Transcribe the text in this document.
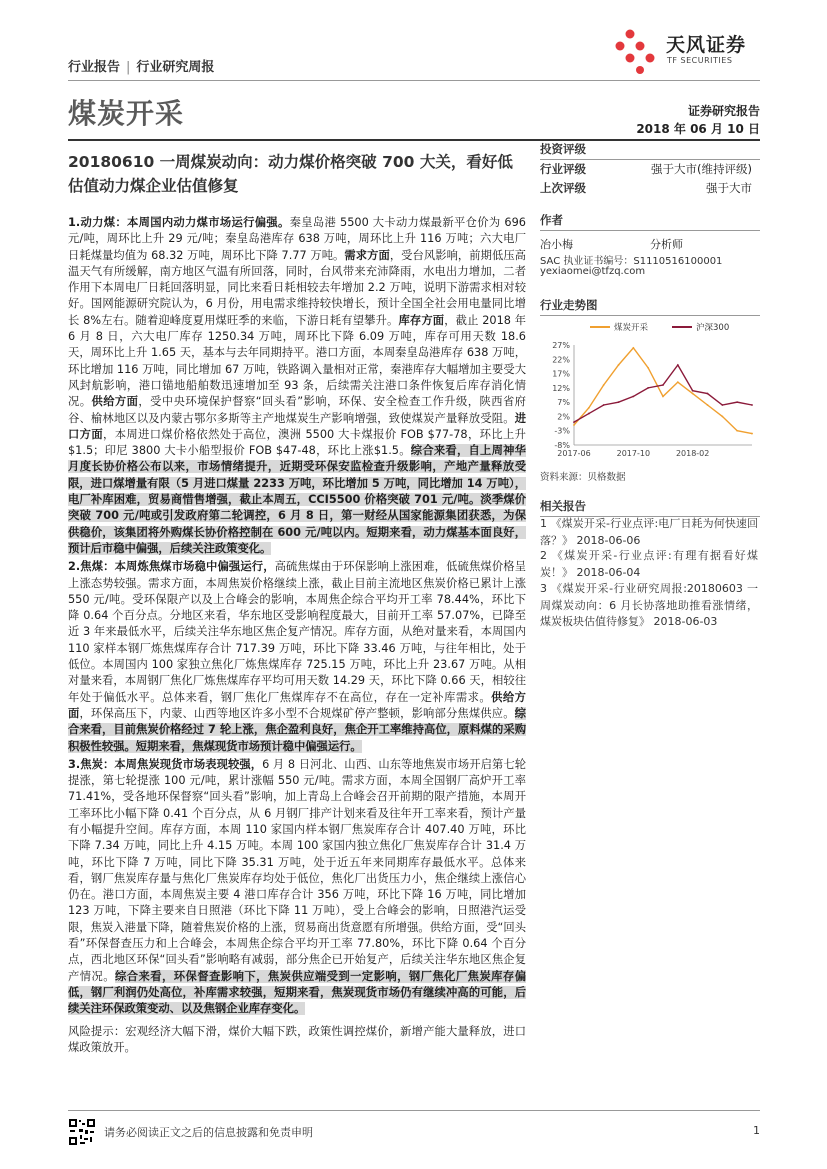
行业报告 | 行业研究周报
天风证券
TF SECURITIES
煤炭开采	证券研究报告
2018 年 06 月 10 日
20180610 一周煤炭动向：动力煤价格突破 700 大关，看好低估值动力煤企业估值修复
投资评级
行业评级	强于大市(维持评级)
上次评级	强于大市
作者
冶小梅	分析师
SAC 执业证书编号：S1110516100001
yexiaomei@tfzq.com
行业走势图
27%
22%
17%
12%
7%
2%
-3%
-8%
2017-06	2017-10	2018-02
煤炭开采	沪深300
资料来源：贝格数据
相关报告
1 《煤炭开采-行业点评:电厂日耗为何快速回落？》 2018-06-06
2 《煤炭开采-行业点评:有理有据看好煤炭！》 2018-06-04
3 《煤炭开采-行业研究周报:20180603 一周煤炭动向：6 月长协落地助推看涨情绪，煤炭板块估值待修复》 2018-06-03

1.动力煤：本周国内动力煤市场运行偏强。秦皇岛港 5500 大卡动力煤最新平仓价为 696 元/吨，周环比上升 29 元/吨；秦皇岛港库存 638 万吨，周环比上升 116 万吨；六大电厂日耗煤量均值为 68.32 万吨，周环比下降 7.77 万吨。需求方面，受台风影响，前期低压高温天气有所缓解，南方地区气温有所回落，同时，台风带来充沛降雨，水电出力增加，二者作用下本周电厂日耗回落明显，同比来看日耗相较去年增加 2.2 万吨，说明下游需求相对较好。国网能源研究院认为，6 月份，用电需求维持较快增长，预计全国全社会用电量同比增长 8%左右。随着迎峰度夏用煤旺季的来临，下游日耗有望攀升。库存方面，截止 2018 年 6 月 8 日，六大电厂库存 1250.34 万吨，周环比下降 6.09 万吨，库存可用天数 18.6 天，周环比上升 1.65 天，基本与去年同期持平。港口方面，本周秦皇岛港库存 638 万吨，环比增加 116 万吨，同比增加 67 万吨，铁路调入量相对正常，秦港库存大幅增加主要受大风封航影响，港口锚地船舶数迅速增加至 93 条，后续需关注港口条件恢复后库存消化情况。供给方面，受中央环境保护督察“回头看”影响，环保、安全检查工作升级，陕西省府谷、榆林地区以及内蒙古鄂尔多斯等主产地煤炭生产影响增强，致使煤炭产量释放受阻。进口方面，本周进口煤价格依然处于高位，澳洲 5500 大卡煤报价 FOB $77-78，环比上升$1.5；印尼 3800 大卡小船型报价 FOB $47-48，环比上涨$1.5。综合来看，自上周神华月度长协价格公布以来，市场情绪提升，近期受环保安监检查升级影响，产地产量释放受限，进口煤增量有限（5 月进口煤量 2233 万吨，环比增加 5 万吨，同比增加 14 万吨），电厂补库困难，贸易商惜售增强，截止本周五，CCI5500 价格突破 701 元/吨。淡季煤价突破 700 元/吨或引发政府第二轮调控，6 月 8 日，第一财经从国家能源集团获悉，为保供稳价，该集团将外购煤长协价格控制在 600 元/吨以内。短期来看，动力煤基本面良好，预计后市稳中偏强，后续关注政策变化。

2.焦煤：本周炼焦煤市场稳中偏强运行，高硫焦煤由于环保影响上涨困难，低硫焦煤价格呈上涨态势较强。需求方面，本周焦炭价格继续上涨，截止目前主流地区焦炭价格已累计上涨 550 元/吨。受环保限产以及上合峰会的影响，本周焦企综合平均开工率 78.44%，环比下降 0.64 个百分点。分地区来看，华东地区受影响程度最大，目前开工率 57.07%，已降至近 3 年来最低水平，后续关注华东地区焦企复产情况。库存方面，从绝对量来看，本周国内 110 家样本钢厂炼焦煤库存合计 717.39 万吨，环比下降 33.46 万吨，与往年相比，处于低位。本周国内 100 家独立焦化厂炼焦煤库存 725.15 万吨，环比上升 23.67 万吨。从相对量来看，本周钢厂焦化厂炼焦煤库存平均可用天数 14.29 天，环比下降 0.66 天，相较往年处于偏低水平。总体来看，钢厂焦化厂焦煤库存不在高位，存在一定补库需求。供给方面，环保高压下，内蒙、山西等地区许多小型不合规煤矿停产整顿，影响部分焦煤供应。综合来看，目前焦炭价格经过 7 轮上涨，焦企盈利良好，焦企开工率维持高位，原料煤的采购积极性较强。短期来看，焦煤现货市场预计稳中偏强运行。

3.焦炭：本周焦炭现货市场表现较强，6 月 8 日河北、山西、山东等地焦炭市场开启第七轮提涨，第七轮提涨 100 元/吨，累计涨幅 550 元/吨。需求方面，本周全国钢厂高炉开工率 71.41%，受各地环保督察“回头看”影响，加上青岛上合峰会召开前期的限产措施，本周开工率环比小幅下降 0.41 个百分点，从 6 月钢厂排产计划来看及往年开工率来看，预计产量有小幅提升空间。库存方面，本周 110 家国内样本钢厂焦炭库存合计 407.40 万吨，环比下降 7.34 万吨，同比上升 4.15 万吨。本周 100 家国内独立焦化厂焦炭库存合计 31.4 万吨，环比下降 7 万吨，同比下降 35.31 万吨，处于近五年来同期库存最低水平。总体来看，钢厂焦炭库存量与焦化厂焦炭库存均处于低位，焦化厂出货压力小，焦企继续上涨信心仍在。港口方面，本周焦炭主要 4 港口库存合计 356 万吨，环比下降 16 万吨，同比增加 123 万吨，下降主要来自日照港（环比下降 11 万吨），受上合峰会的影响，日照港汽运受限，焦炭入港量下降，随着焦炭价格的上涨，贸易商出货意愿有所增强。供给方面，受“回头看”环保督查压力和上合峰会，本周焦企综合平均开工率 77.80%，环比下降 0.64 个百分点，西北地区环保“回头看”影响略有减弱，部分焦企已开始复产，后续关注华东地区焦企复产情况。综合来看，环保督查影响下，焦炭供应端受到一定影响，钢厂焦化厂焦炭库存偏低，钢厂利润仍处高位，补库需求较强，短期来看，焦炭现货市场仍有继续冲高的可能，后续关注环保政策变动、以及焦钢企业库存变化。

风险提示：宏观经济大幅下滑，煤价大幅下跌，政策性调控煤价，新增产能大量释放，进口煤政策放开。

请务必阅读正文之后的信息披露和免责申明	1
